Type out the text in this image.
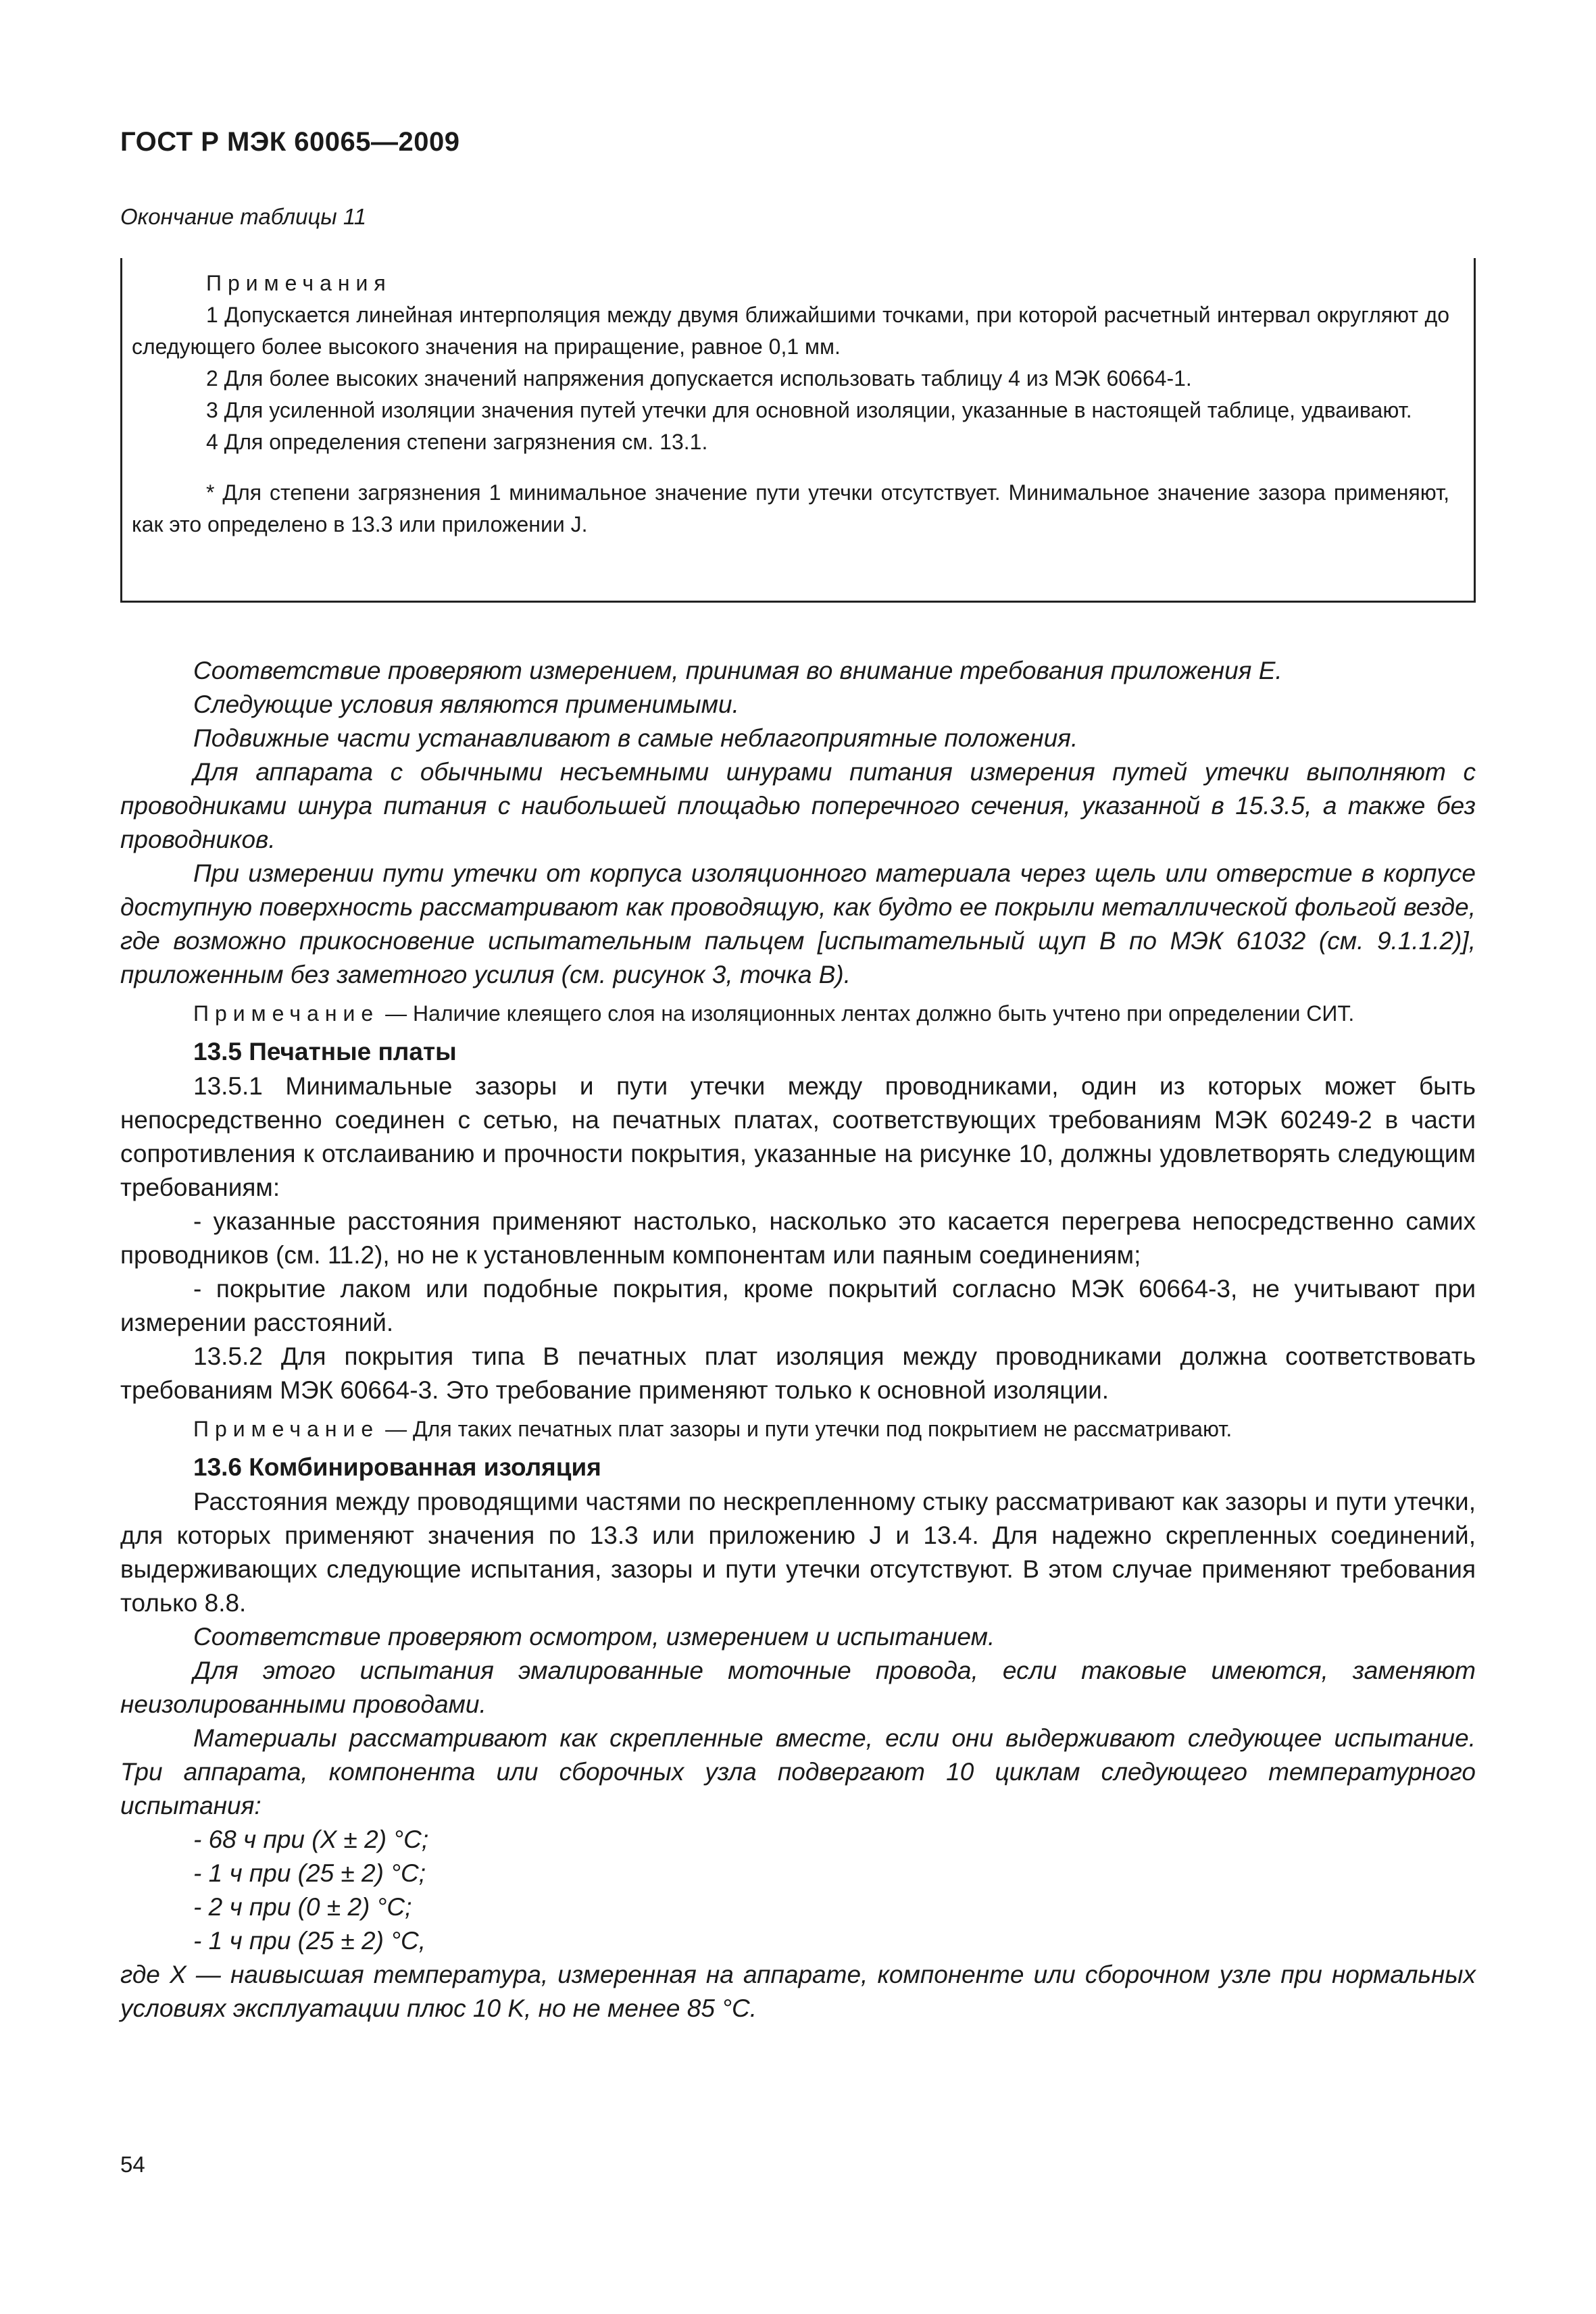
ГОСТ Р МЭК 60065—2009
Окончание таблицы 11

Примечания

1 Допускается линейная интерполяция между двумя ближайшими точками, при которой расчетный интервал округляют до следующего более высокого значения на приращение, равное 0,1 мм.

2 Для более высоких значений напряжения допускается использовать таблицу 4 из МЭК 60664-1.

3 Для усиленной изоляции значения путей утечки для основной изоляции, указанные в настоящей таблице, удваивают.

4 Для определения степени загрязнения см. 13.1.

* Для степени загрязнения 1 минимальное значение пути утечки отсутствует. Минимальное значение зазора применяют, как это определено в 13.3 или приложении J.

Соответствие проверяют измерением, принимая во внимание требования приложения Е.

Следующие условия являются применимыми.

Подвижные части устанавливают в самые неблагоприятные положения.

Для аппарата с обычными несъемными шнурами питания измерения путей утечки выполняют с проводниками шнура питания с наибольшей площадью поперечного сечения, указанной в 15.3.5, а также без проводников.

При измерении пути утечки от корпуса изоляционного материала через щель или отверстие в корпусе доступную поверхность рассматривают как проводящую, как будто ее покрыли металлической фольгой везде, где возможно прикосновение испытательным пальцем [испытательный щуп В по МЭК 61032 (см. 9.1.1.2)], приложенным без заметного усилия (см. рисунок 3, точка В).

Примечание — Наличие клеящего слоя на изоляционных лентах должно быть учтено при определении СИТ.

13.5 Печатные платы

13.5.1 Минимальные зазоры и пути утечки между проводниками, один из которых может быть непосредственно соединен с сетью, на печатных платах, соответствующих требованиям МЭК 60249-2 в части сопротивления к отслаиванию и прочности покрытия, указанные на рисунке 10, должны удовлетворять следующим требованиям:

- указанные расстояния применяют настолько, насколько это касается перегрева непосредственно самих проводников (см. 11.2), но не к установленным компонентам или паяным соединениям;

- покрытие лаком или подобные покрытия, кроме покрытий согласно МЭК 60664-3, не учитывают при измерении расстояний.

13.5.2 Для покрытия типа В печатных плат изоляция между проводниками должна соответствовать требованиям МЭК 60664-3. Это требование применяют только к основной изоляции.

Примечание — Для таких печатных плат зазоры и пути утечки под покрытием не рассматривают.

13.6 Комбинированная изоляция

Расстояния между проводящими частями по нескрепленному стыку рассматривают как зазоры и пути утечки, для которых применяют значения по 13.3 или приложению J и 13.4. Для надежно скрепленных соединений, выдерживающих следующие испытания, зазоры и пути утечки отсутствуют. В этом случае применяют требования только 8.8.

Соответствие проверяют осмотром, измерением и испытанием.

Для этого испытания эмалированные моточные провода, если таковые имеются, заменяют неизолированными проводами.

Материалы рассматривают как скрепленные вместе, если они выдерживают следующее испытание. Три аппарата, компонента или сборочных узла подвергают 10 циклам следующего температурного испытания:

- 68 ч при (X ± 2) °C;

- 1 ч при (25 ± 2) °C;

- 2 ч при (0 ± 2) °C;

- 1 ч при (25 ± 2) °C,

где X — наивысшая температура, измеренная на аппарате, компоненте или сборочном узле при нормальных условиях эксплуатации плюс 10 K, но не менее 85 °C.

54
